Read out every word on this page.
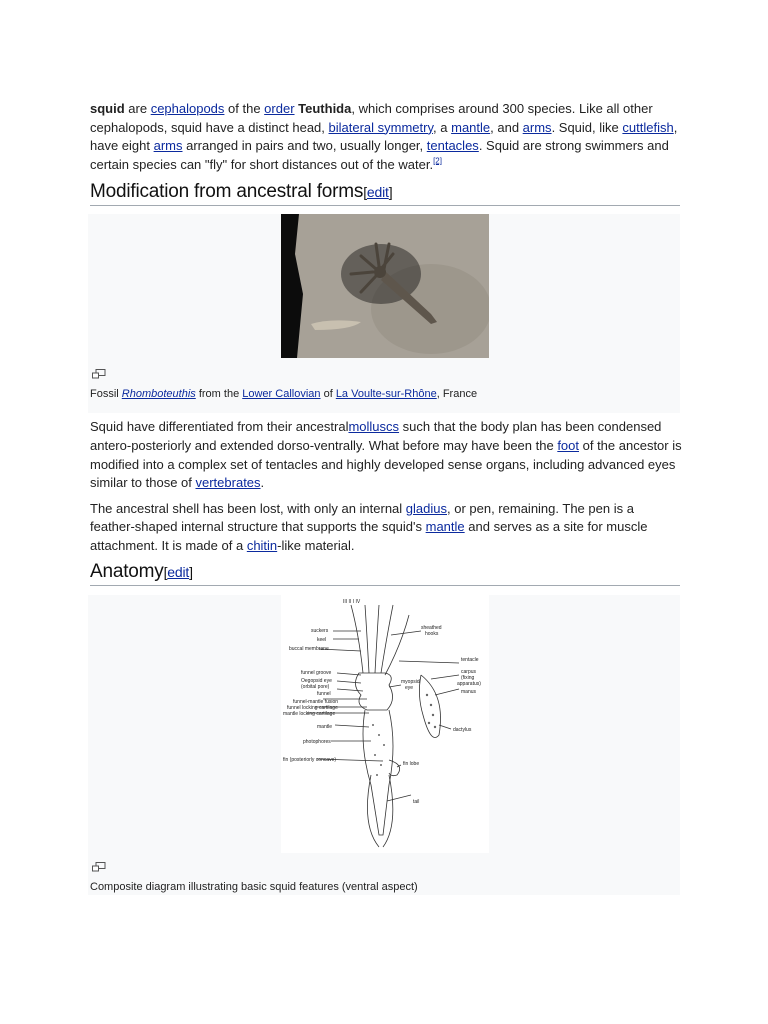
squid are cephalopods of the order Teuthida, which comprises around 300 species. Like all other cephalopods, squid have a distinct head, bilateral symmetry, a mantle, and arms. Squid, like cuttlefish, have eight arms arranged in pairs and two, usually longer, tentacles. Squid are strong swimmers and certain species can "fly" for short distances out of the water.[2]

Modification from ancestral forms[edit]
Fossil Rhomboteuthis from the Lower Callovian of La Voulte-sur-Rhône, France

Squid have differentiated from their ancestralmolluscs such that the body plan has been condensed antero-posteriorly and extended dorso-ventrally. What before may have been the foot of the ancestor is modified into a complex set of tentacles and highly developed sense organs, including advanced eyes similar to those of vertebrates.

The ancestral shell has been lost, with only an internal gladius, or pen, remaining. The pen is a feather-shaped internal structure that supports the squid's mantle and serves as a site for muscle attachment. It is made of a chitin-like material.

Anatomy[edit]
III II I IV
suckers
keel
buccal membrane
funnel groove
Oegopsid eye
(orbital pore)
funnel
funnel-mantle fusion
funnel locking cartilage
mantle locking cartilage
mantle
photophores
fin (posteriorly concave)
sheathed
hooks
tentacle
carpus
(fixing
apparatus)
manus
myopsid
eye
dactylus
fin lobe
tail
Composite diagram illustrating basic squid features (ventral aspect)
